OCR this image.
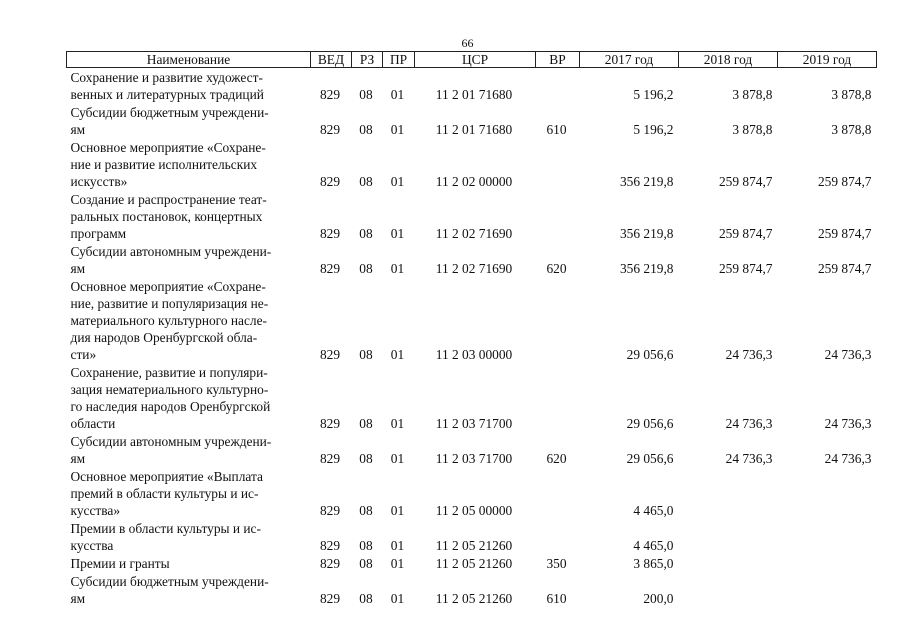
66
Наименование	ВЕД	РЗ	ПР	ЦСР	ВР	2017 год	2018 год	2019 год

Сохранение и развитие художест-
венных и литературных традиций	829	08	01	11 2 01 71680		5 196,2	3 878,8	3 878,8

Субсидии бюджетным учреждени-
ям	829	08	01	11 2 01 71680	610	5 196,2	3 878,8	3 878,8

Основное мероприятие «Сохране-
ние и развитие исполнительских
искусств»	829	08	01	11 2 02 00000		356 219,8	259 874,7	259 874,7

Создание и распространение теат-
ральных постановок, концертных
программ	829	08	01	11 2 02 71690		356 219,8	259 874,7	259 874,7

Субсидии автономным учреждени-
ям	829	08	01	11 2 02 71690	620	356 219,8	259 874,7	259 874,7

Основное мероприятие «Сохране-
ние, развитие и популяризация не-
материального культурного насле-
дия народов Оренбургской обла-
сти»	829	08	01	11 2 03 00000		29 056,6	24 736,3	24 736,3

Сохранение, развитие и популяри-
зация нематериального культурно-
го наследия народов Оренбургской
области	829	08	01	11 2 03 71700		29 056,6	24 736,3	24 736,3

Субсидии автономным учреждени-
ям	829	08	01	11 2 03 71700	620	29 056,6	24 736,3	24 736,3

Основное мероприятие «Выплата
премий в области культуры и ис-
кусства»	829	08	01	11 2 05 00000		4 465,0		

Премии в области культуры и ис-
кусства	829	08	01	11 2 05 21260		4 465,0		

Премии и гранты	829	08	01	11 2 05 21260	350	3 865,0		

Субсидии бюджетным учреждени-
ям	829	08	01	11 2 05 21260	610	200,0		
